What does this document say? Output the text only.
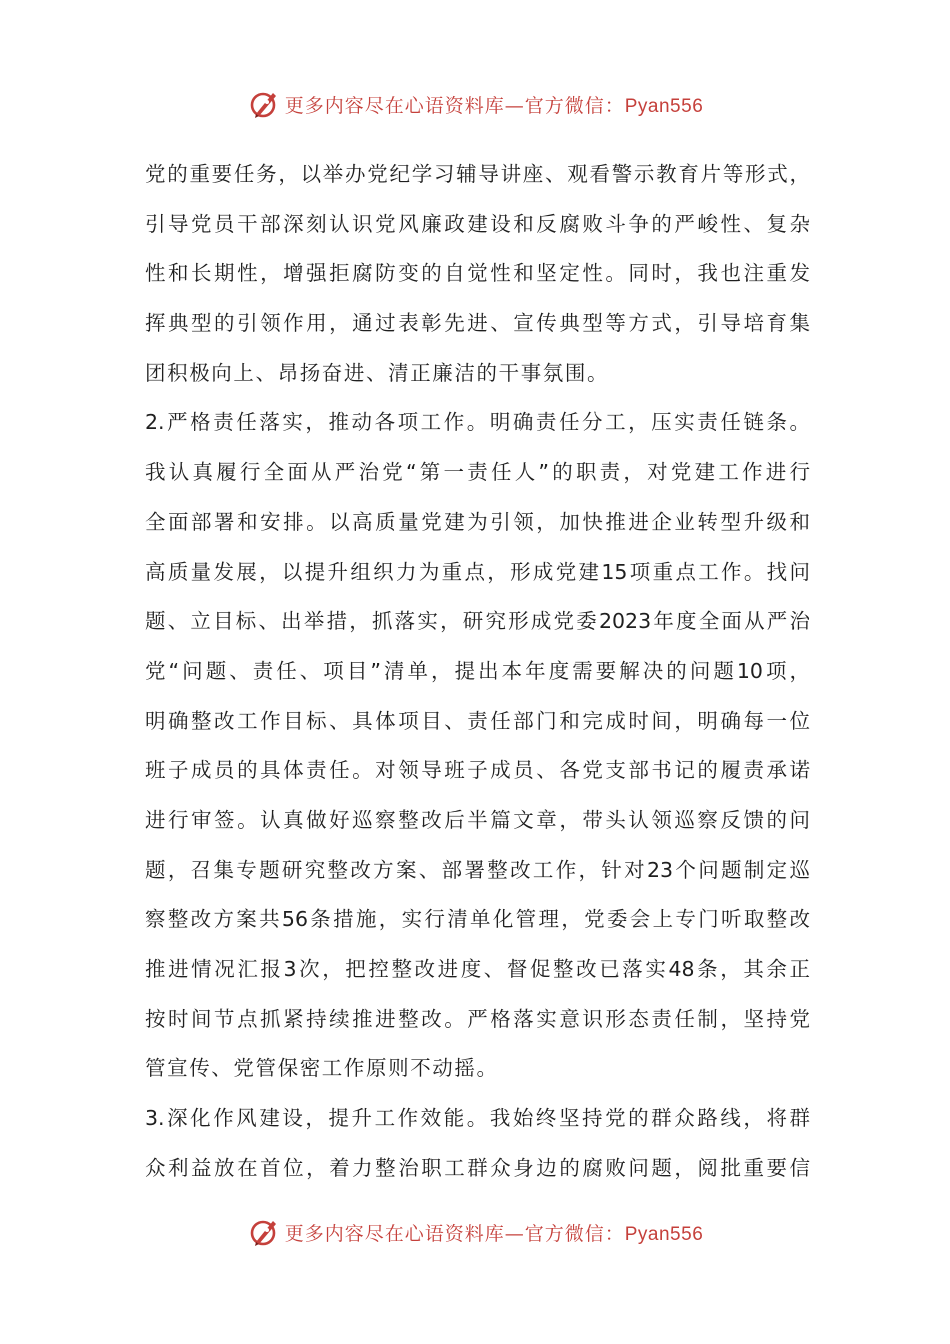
更多内容尽在心语资料库—官方微信：Pyan556
党的重要任务，以举办党纪学习辅导讲座、观看警示教育片等形式，
引导党员干部深刻认识党风廉政建设和反腐败斗争的严峻性、复杂
性和长期性，增强拒腐防变的自觉性和坚定性。同时，我也注重发
挥典型的引领作用，通过表彰先进、宣传典型等方式，引导培育集
团积极向上、昂扬奋进、清正廉洁的干事氛围。
2.严格责任落实，推动各项工作。明确责任分工，压实责任链条。
我认真履行全面从严治党“第一责任人”的职责，对党建工作进行
全面部署和安排。以高质量党建为引领，加快推进企业转型升级和
高质量发展，以提升组织力为重点，形成党建15项重点工作。找问
题、立目标、出举措，抓落实，研究形成党委2023年度全面从严治
党“问题、责任、项目”清单，提出本年度需要解决的问题10项，
明确整改工作目标、具体项目、责任部门和完成时间，明确每一位
班子成员的具体责任。对领导班子成员、各党支部书记的履责承诺
进行审签。认真做好巡察整改后半篇文章，带头认领巡察反馈的问
题，召集专题研究整改方案、部署整改工作，针对23个问题制定巡
察整改方案共56条措施，实行清单化管理，党委会上专门听取整改
推进情况汇报3次，把控整改进度、督促整改已落实48条，其余正
按时间节点抓紧持续推进整改。严格落实意识形态责任制，坚持党
管宣传、党管保密工作原则不动摇。
3.深化作风建设，提升工作效能。我始终坚持党的群众路线，将群
众利益放在首位，着力整治职工群众身边的腐败问题，阅批重要信
更多内容尽在心语资料库—官方微信：Pyan556
